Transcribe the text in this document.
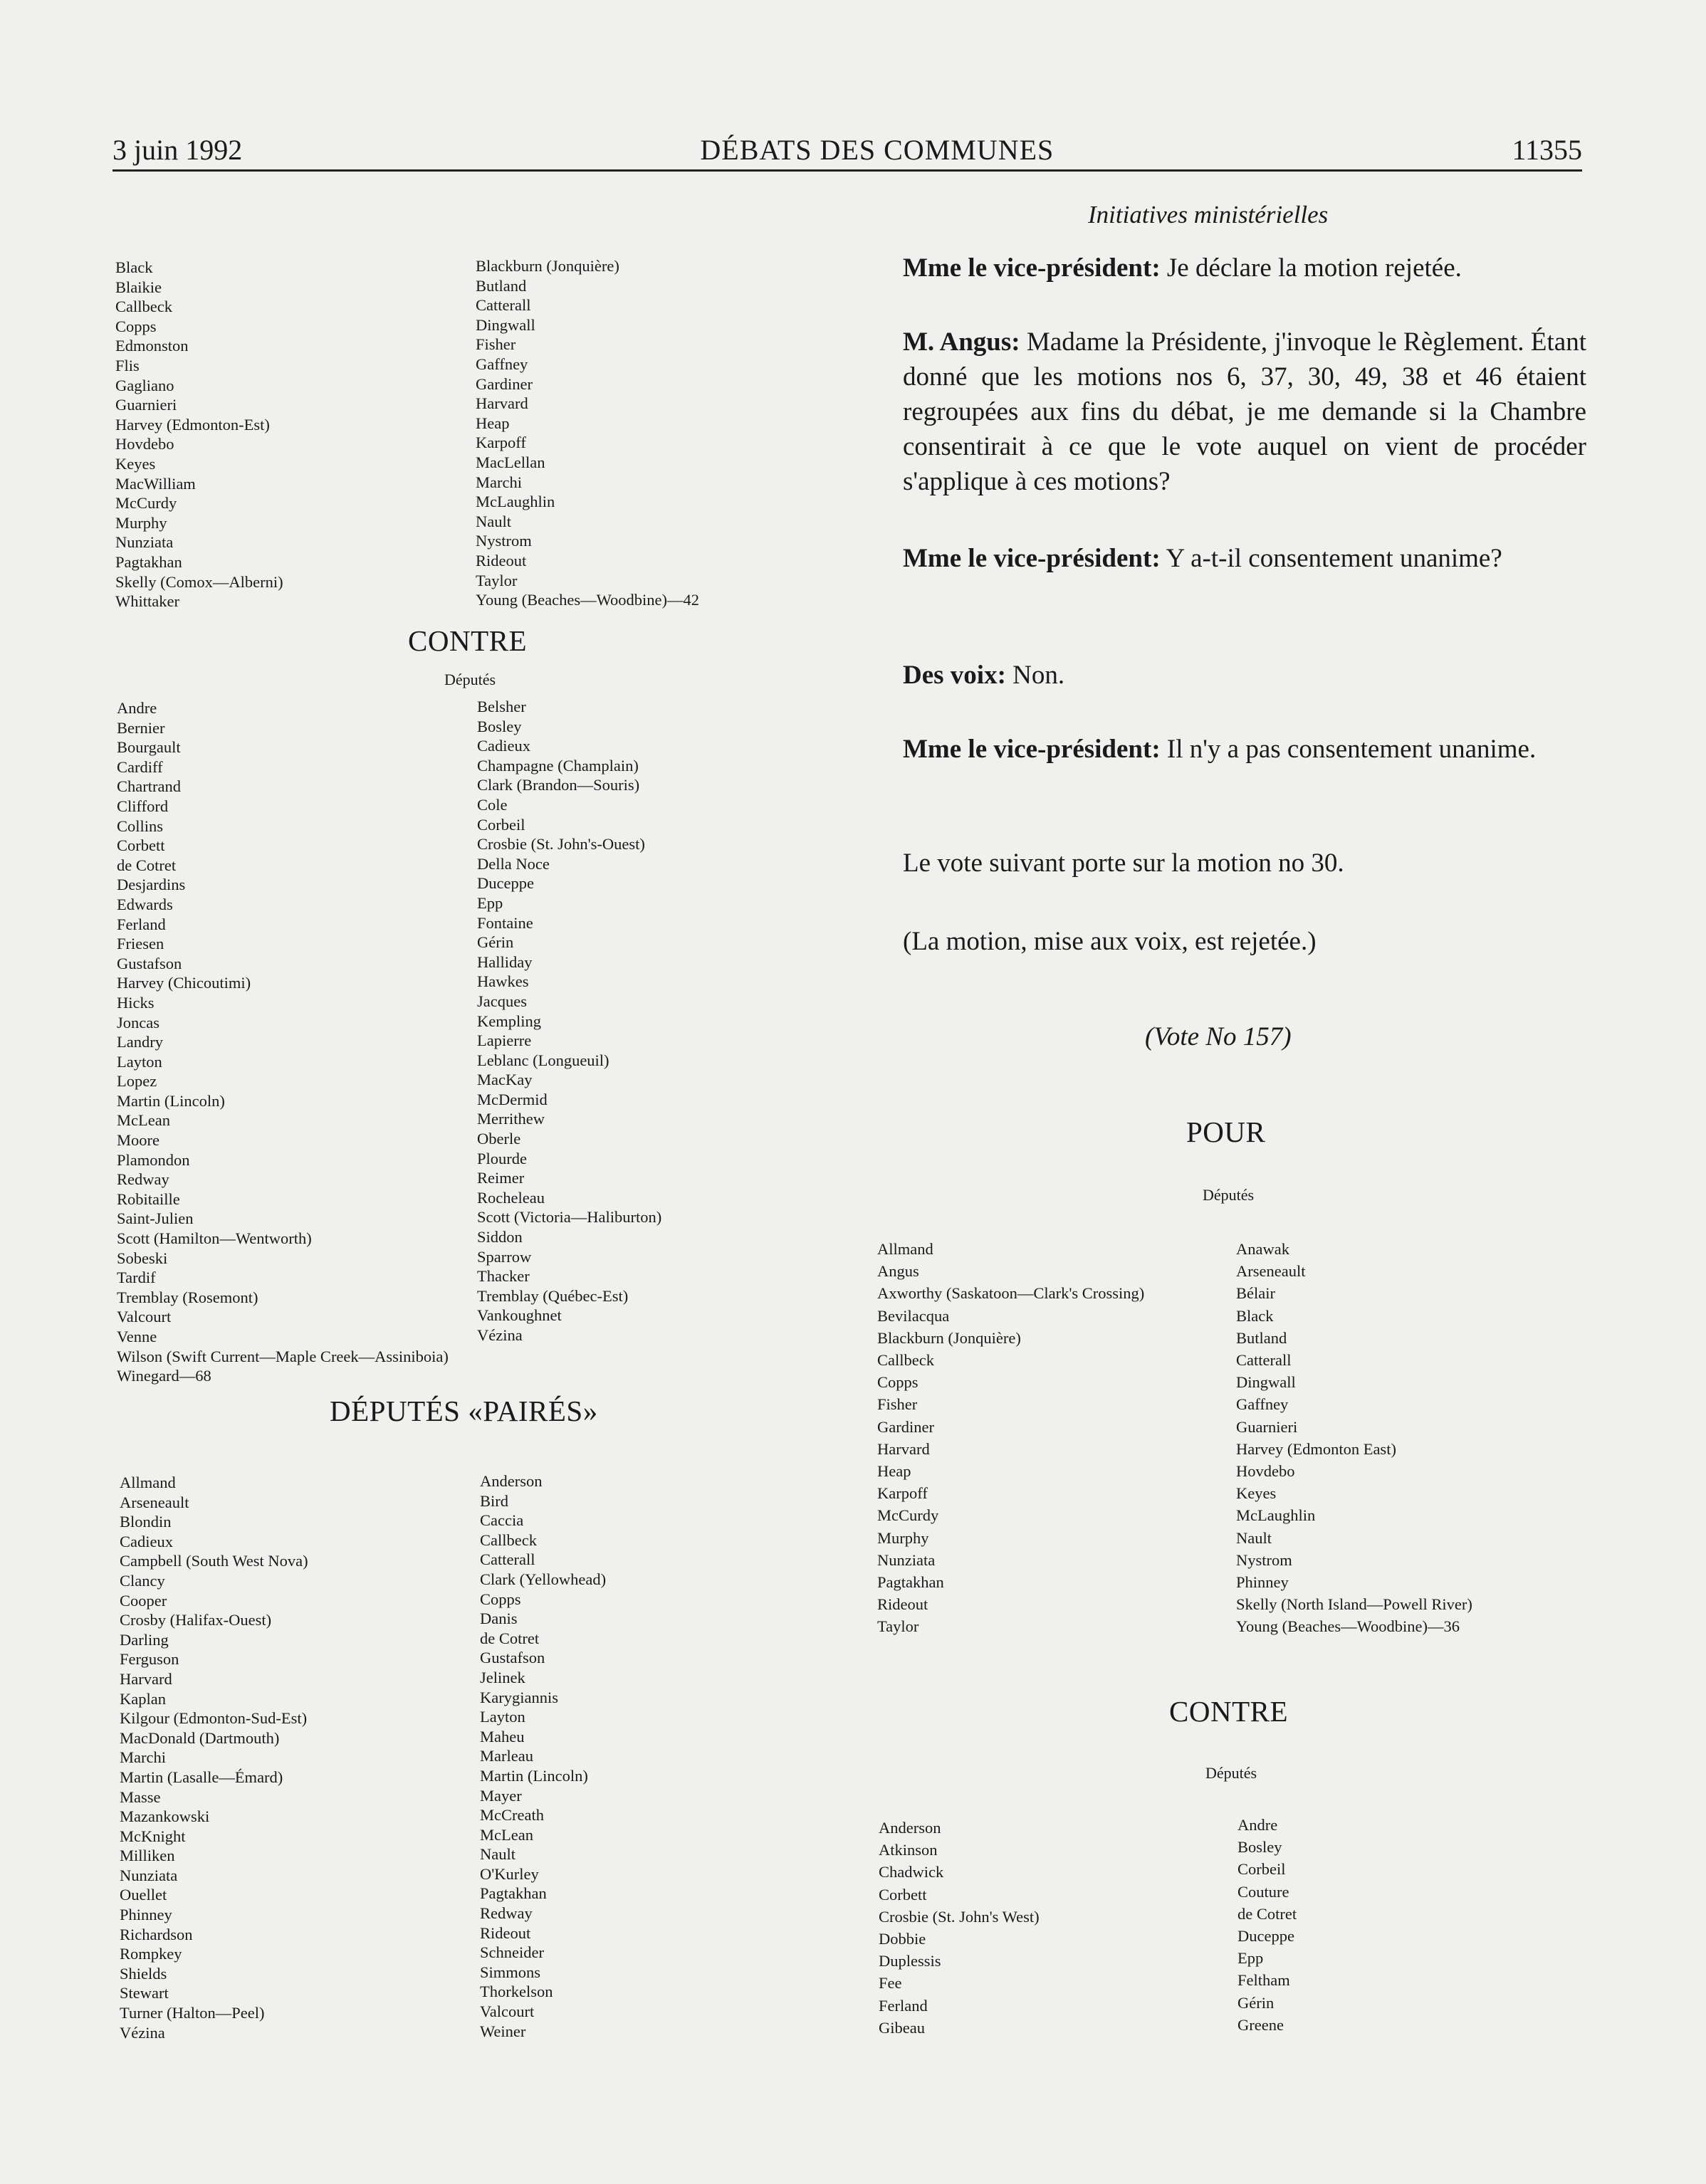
3 juin 1992	DÉBATS DES COMMUNES	11355
Black
Blaikie
Callbeck
Copps
Edmonston
Flis
Gagliano
Guarnieri
Harvey (Edmonton-Est)
Hovdebo
Keyes
MacWilliam
McCurdy
Murphy
Nunziata
Pagtakhan
Skelly (Comox—Alberni)
Whittaker
Blackburn (Jonquière)
Butland
Catterall
Dingwall
Fisher
Gaffney
Gardiner
Harvard
Heap
Karpoff
MacLellan
Marchi
McLaughlin
Nault
Nystrom
Rideout
Taylor
Young (Beaches—Woodbine)—42
CONTRE
Députés
Andre
Bernier
Bourgault
Cardiff
Chartrand
Clifford
Collins
Corbett
de Cotret
Desjardins
Edwards
Ferland
Friesen
Gustafson
Harvey (Chicoutimi)
Hicks
Joncas
Landry
Layton
Lopez
Martin (Lincoln)
McLean
Moore
Plamondon
Redway
Robitaille
Saint-Julien
Scott (Hamilton—Wentworth)
Sobeski
Tardif
Tremblay (Rosemont)
Valcourt
Venne
Wilson (Swift Current—Maple Creek—Assiniboia)
Winegard—68
Belsher
Bosley
Cadieux
Champagne (Champlain)
Clark (Brandon—Souris)
Cole
Corbeil
Crosbie (St. John's-Ouest)
Della Noce
Duceppe
Epp
Fontaine
Gérin
Halliday
Hawkes
Jacques
Kempling
Lapierre
Leblanc (Longueuil)
MacKay
McDermid
Merrithew
Oberle
Plourde
Reimer
Rocheleau
Scott (Victoria—Haliburton)
Siddon
Sparrow
Thacker
Tremblay (Québec-Est)
Vankoughnet
Vézina
DÉPUTÉS «PAIRÉS»
Allmand
Arseneault
Blondin
Cadieux
Campbell (South West Nova)
Clancy
Cooper
Crosby (Halifax-Ouest)
Darling
Ferguson
Harvard
Kaplan
Kilgour (Edmonton-Sud-Est)
MacDonald (Dartmouth)
Marchi
Martin (Lasalle—Émard)
Masse
Mazankowski
McKnight
Milliken
Nunziata
Ouellet
Phinney
Richardson
Rompkey
Shields
Stewart
Turner (Halton—Peel)
Vézina
Anderson
Bird
Caccia
Callbeck
Catterall
Clark (Yellowhead)
Copps
Danis
de Cotret
Gustafson
Jelinek
Karygiannis
Layton
Maheu
Marleau
Martin (Lincoln)
Mayer
McCreath
McLean
Nault
O'Kurley
Pagtakhan
Redway
Rideout
Schneider
Simmons
Thorkelson
Valcourt
Weiner
Initiatives ministérielles
Mme le vice-président: Je déclare la motion rejetée.
M. Angus: Madame la Présidente, j'invoque le Règlement. Étant donné que les motions nos 6, 37, 30, 49, 38 et 46 étaient regroupées aux fins du débat, je me demande si la Chambre consentirait à ce que le vote auquel on vient de procéder s'applique à ces motions?
Mme le vice-président: Y a-t-il consentement unanime?
Des voix: Non.
Mme le vice-président: Il n'y a pas consentement unanime.
Le vote suivant porte sur la motion no 30.
(La motion, mise aux voix, est rejetée.)
(Vote No 157)
POUR
Députés
Allmand
Angus
Axworthy (Saskatoon—Clark's Crossing)
Bevilacqua
Blackburn (Jonquière)
Callbeck
Copps
Fisher
Gardiner
Harvard
Heap
Karpoff
McCurdy
Murphy
Nunziata
Pagtakhan
Rideout
Taylor
Anawak
Arseneault
Bélair
Black
Butland
Catterall
Dingwall
Gaffney
Guarnieri
Harvey (Edmonton East)
Hovdebo
Keyes
McLaughlin
Nault
Nystrom
Phinney
Skelly (North Island—Powell River)
Young (Beaches—Woodbine)—36
CONTRE
Députés
Anderson
Atkinson
Chadwick
Corbett
Crosbie (St. John's West)
Dobbie
Duplessis
Fee
Ferland
Gibeau
Andre
Bosley
Corbeil
Couture
de Cotret
Duceppe
Epp
Feltham
Gérin
Greene
